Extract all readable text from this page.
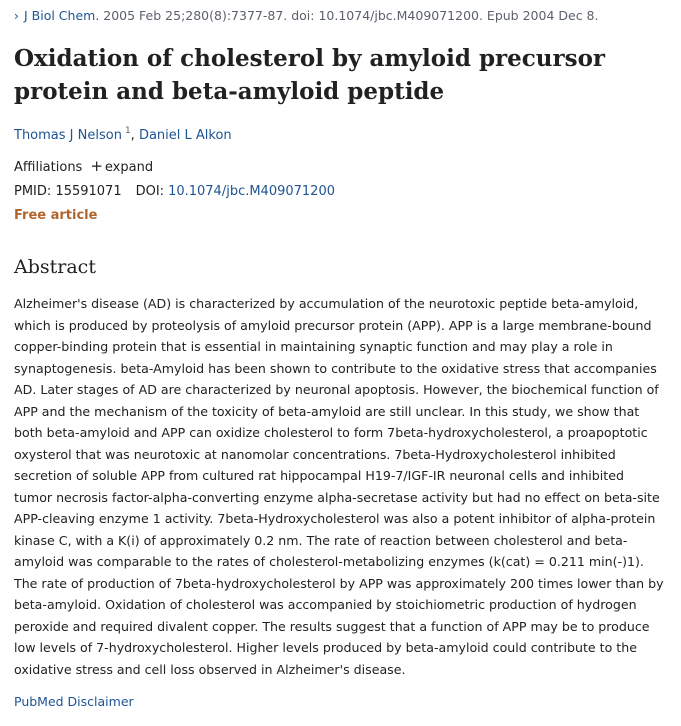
› J Biol Chem. 2005 Feb 25;280(8):7377-87. doi: 10.1074/jbc.M409071200. Epub 2004 Dec 8.
Oxidation of cholesterol by amyloid precursor protein and beta-amyloid peptide
Thomas J Nelson $^1$, Daniel L Alkon
Affiliations + expand
PMID: 15591071 DOI: 10.1074/jbc.M409071200
Free article
Abstract

Alzheimer's disease (AD) is characterized by accumulation of the neurotoxic peptide beta-amyloid, which is produced by proteolysis of amyloid precursor protein (APP). APP is a large membrane-bound copper-binding protein that is essential in maintaining synaptic function and may play a role in synaptogenesis. beta-Amyloid has been shown to contribute to the oxidative stress that accompanies AD. Later stages of AD are characterized by neuronal apoptosis. However, the biochemical function of APP and the mechanism of the toxicity of beta-amyloid are still unclear. In this study, we show that both beta-amyloid and APP can oxidize cholesterol to form 7beta-hydroxycholesterol, a proapoptotic oxysterol that was neurotoxic at nanomolar concentrations. 7beta-Hydroxycholesterol inhibited secretion of soluble APP from cultured rat hippocampal H19-7/IGF-IR neuronal cells and inhibited tumor necrosis factor-alpha-converting enzyme alpha-secretase activity but had no effect on beta-site APP-cleaving enzyme 1 activity. 7beta-Hydroxycholesterol was also a potent inhibitor of alpha-protein kinase C, with a K(i) of approximately 0.2 nm. The rate of reaction between cholesterol and beta-amyloid was comparable to the rates of cholesterol-metabolizing enzymes (k(cat) = 0.211 min(-)1). The rate of production of 7beta-hydroxycholesterol by APP was approximately 200 times lower than by beta-amyloid. Oxidation of cholesterol was accompanied by stoichiometric production of hydrogen peroxide and required divalent copper. The results suggest that a function of APP may be to produce low levels of 7-hydroxycholesterol. Higher levels produced by beta-amyloid could contribute to the oxidative stress and cell loss observed in Alzheimer's disease.

PubMed Disclaimer
